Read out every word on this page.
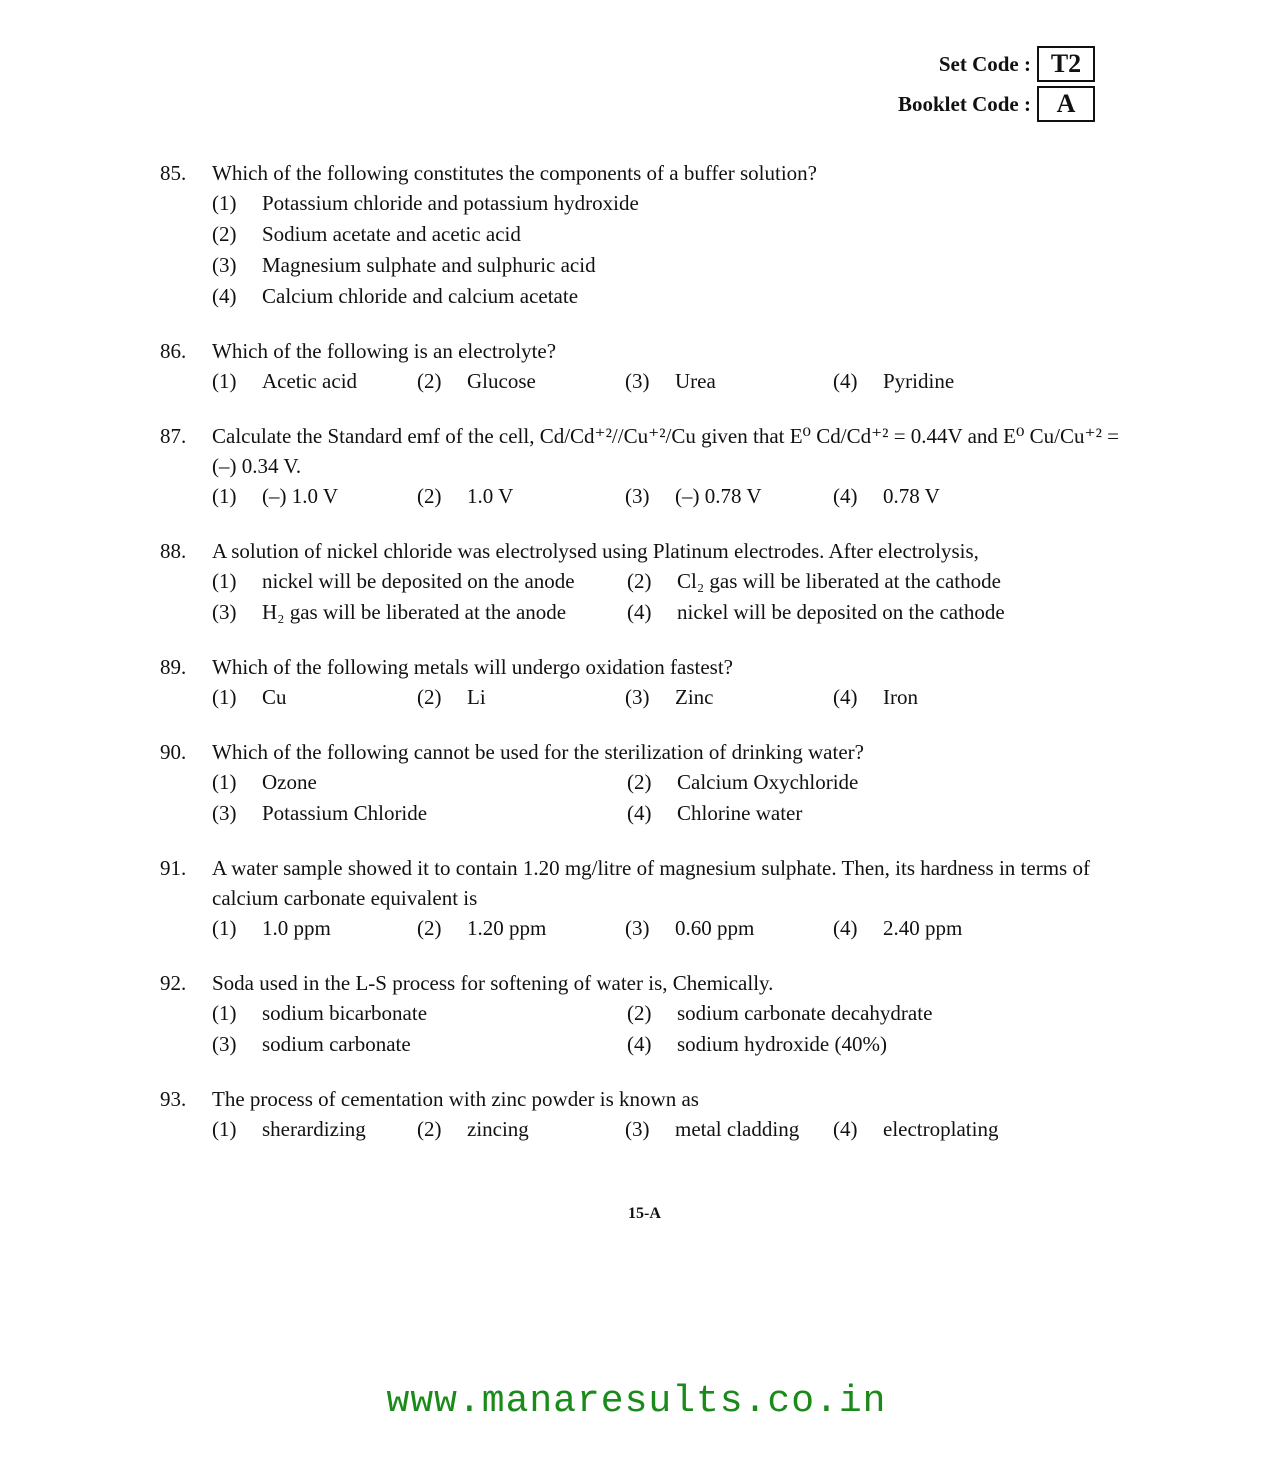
Set Code : T2
Booklet Code : A
85.	Which of the following constitutes the components of a buffer solution?
(1) Potassium chloride and potassium hydroxide
(2) Sodium acetate and acetic acid
(3) Magnesium sulphate and sulphuric acid
(4) Calcium chloride and calcium acetate
86.	Which of the following is an electrolyte?
(1) Acetic acid	(2) Glucose	(3) Urea	(4) Pyridine
87.	Calculate the Standard emf of the cell, Cd/Cd⁺²//Cu⁺²/Cu given that E⁰ Cd/Cd⁺² = 0.44V and E⁰ Cu/Cu⁺² = (–) 0.34 V.
(1) (–) 1.0 V	(2) 1.0 V	(3) (–) 0.78 V	(4) 0.78 V
88.	A solution of nickel chloride was electrolysed using Platinum electrodes. After electrolysis,
(1) nickel will be deposited on the anode	(2) Cl₂ gas will be liberated at the cathode
(3) H₂ gas will be liberated at the anode	(4) nickel will be deposited on the cathode
89.	Which of the following metals will undergo oxidation fastest?
(1) Cu	(2) Li	(3) Zinc	(4) Iron
90.	Which of the following cannot be used for the sterilization of drinking water?
(1) Ozone	(2) Calcium Oxychloride
(3) Potassium Chloride	(4) Chlorine water
91.	A water sample showed it to contain 1.20 mg/litre of magnesium sulphate. Then, its hardness in terms of calcium carbonate equivalent is
(1) 1.0 ppm	(2) 1.20 ppm	(3) 0.60 ppm	(4) 2.40 ppm
92.	Soda used in the L-S process for softening of water is, Chemically.
(1) sodium bicarbonate	(2) sodium carbonate decahydrate
(3) sodium carbonate	(4) sodium hydroxide (40%)
93.	The process of cementation with zinc powder is known as
(1) sherardizing	(2) zincing	(3) metal cladding	(4) electroplating
15-A
www.manaresults.co.in
